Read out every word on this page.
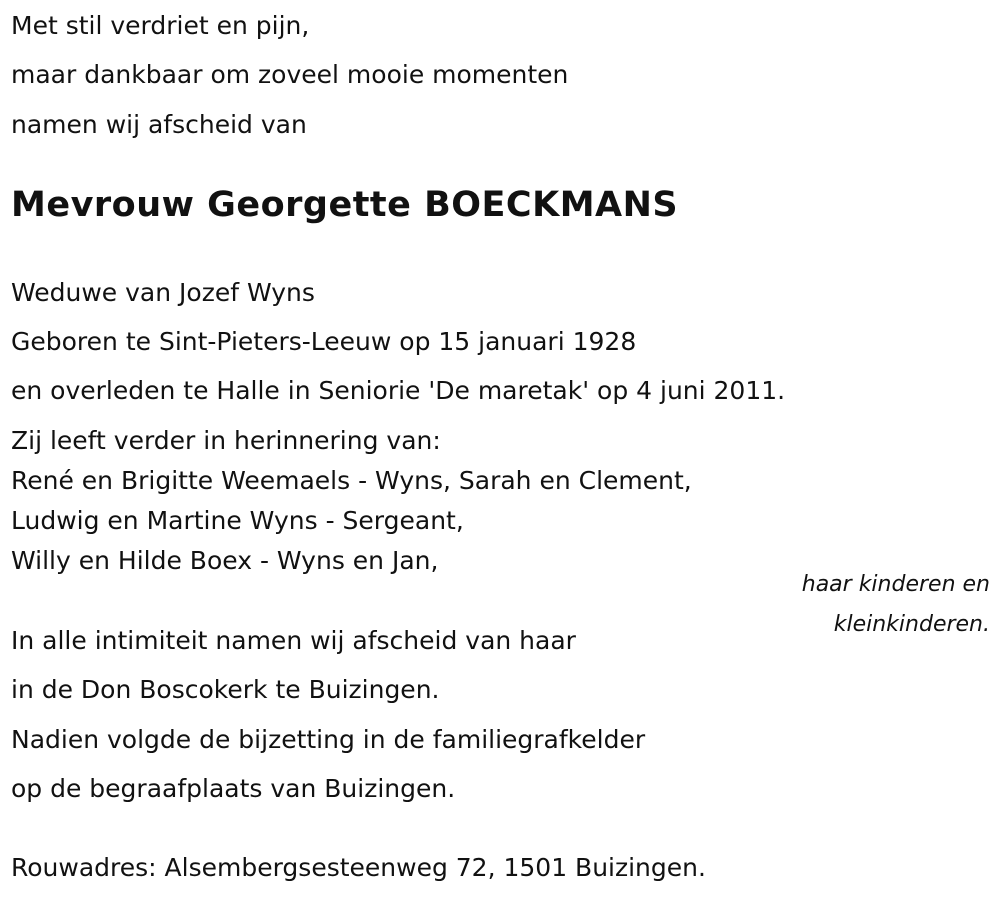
Met stil verdriet en pijn,

maar dankbaar om zoveel mooie momenten

namen wij afscheid van

Mevrouw Georgette BOECKMANS

Weduwe van Jozef Wyns

Geboren te Sint-Pieters-Leeuw op 15 januari 1928

en overleden te Halle in Seniorie 'De maretak' op 4 juni 2011.

Zij leeft verder in herinnering van:

René en Brigitte Weemaels - Wyns, Sarah en Clement,

Ludwig en Martine Wyns - Sergeant,

Willy en Hilde Boex - Wyns en Jan,

haar kinderen en

kleinkinderen.

In alle intimiteit namen wij afscheid van haar

in de Don Boscokerk te Buizingen.

Nadien volgde de bijzetting in de familiegrafkelder

op de begraafplaats van Buizingen.

Rouwadres: Alsembergsesteenweg 72, 1501 Buizingen.
